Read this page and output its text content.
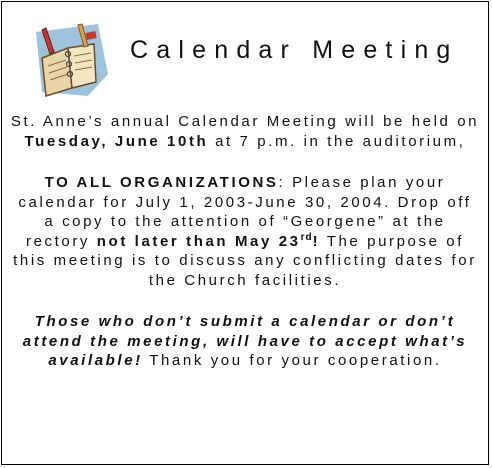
Calendar Meeting

St. Anne’s annual Calendar Meeting will be held on Tuesday, June 10th at 7 p.m. in the auditorium,

TO ALL ORGANIZATIONS: Please plan your calendar for July 1, 2003-June 30, 2004. Drop off a copy to the attention of “Georgene” at the rectory not later than May 23rd! The purpose of this meeting is to discuss any conflicting dates for the Church facilities.

Those who don’t submit a calendar or don’t attend the meeting, will have to accept what’s available! Thank you for your cooperation.
